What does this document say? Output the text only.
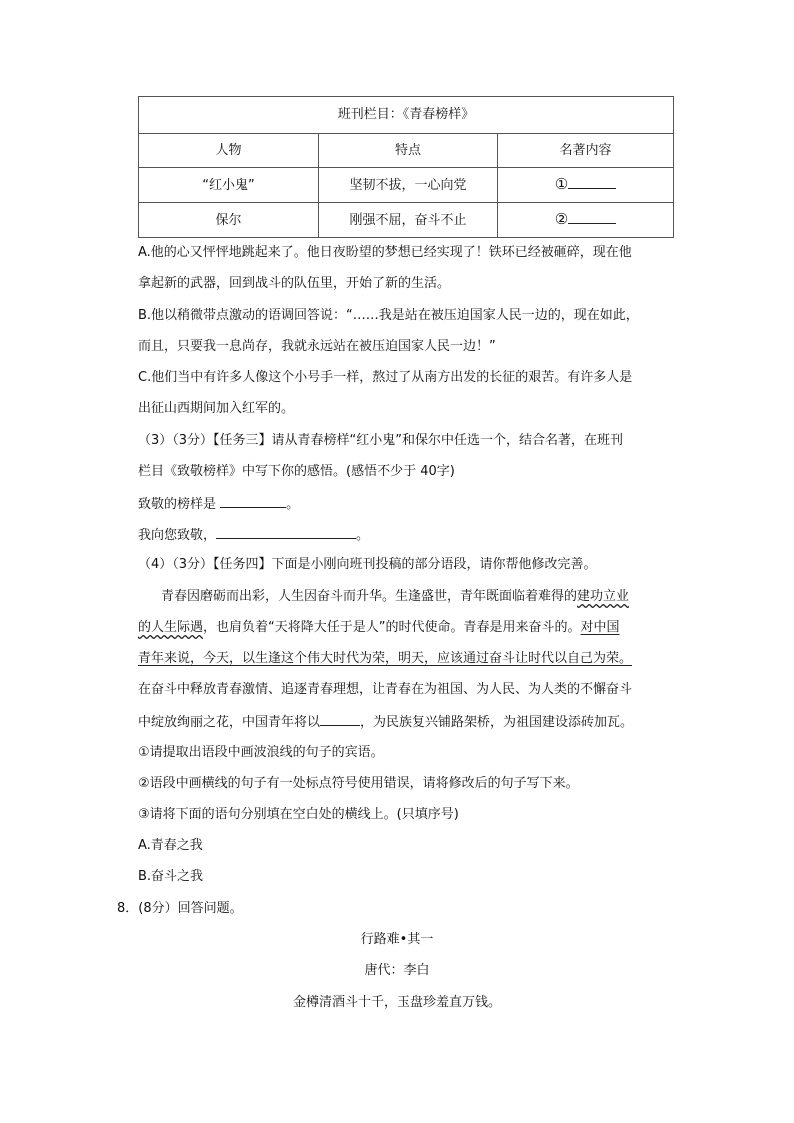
班刊栏目：《青春榜样》		
人物	特点	名著内容
“红小鬼”	坚韧不拔，一心向党	①
保尔	刚强不屈，奋斗不止	②
A.他的心又怦怦地跳起来了。他日夜盼望的梦想已经实现了！铁环已经被砸碎，现在他
拿起新的武器，回到战斗的队伍里，开始了新的生活。
B.他以稍微带点激动的语调回答说：“……我是站在被压迫国家人民一边的，现在如此，
而且，只要我一息尚存，我就永远站在被压迫国家人民一边！”
C.他们当中有许多人像这个小号手一样，熬过了从南方出发的长征的艰苦。有许多人是
出征山西期间加入红军的。
（3）（3分）【任务三】请从青春榜样“红小鬼”和保尔中任选一个，结合名著，在班刊
栏目《致敬榜样》中写下你的感悟。(感悟不少于 40字)
致敬的榜样是	。
我向您致敬，	。
（4）（3分）【任务四】下面是小刚向班刊投稿的部分语段，请你帮他修改完善。
青春因磨砺而出彩，人生因奋斗而升华。生逢盛世，青年既面临着难得的建功立业
的人生际遇，也肩负着“天将降大任于是人”的时代使命。青春是用来奋斗的。对中国
青年来说，今天，以生逢这个伟大时代为荣，明天，应该通过奋斗让时代以自己为荣。
在奋斗中释放青春激情、追逐青春理想，让青春在为祖国、为人民、为人类的不懈奋斗
中绽放绚丽之花，中国青年将以	，为民族复兴铺路架桥，为祖国建设添砖加瓦。
①请提取出语段中画波浪线的句子的宾语。
②语段中画横线的句子有一处标点符号使用错误，请将修改后的句子写下来。
③请将下面的语句分别填在空白处的横线上。(只填序号)
A.青春之我
B.奋斗之我
8．(8分）回答问题。
行路难•其一
唐代：李白
金樽清酒斗十千，玉盘珍羞直万钱。
